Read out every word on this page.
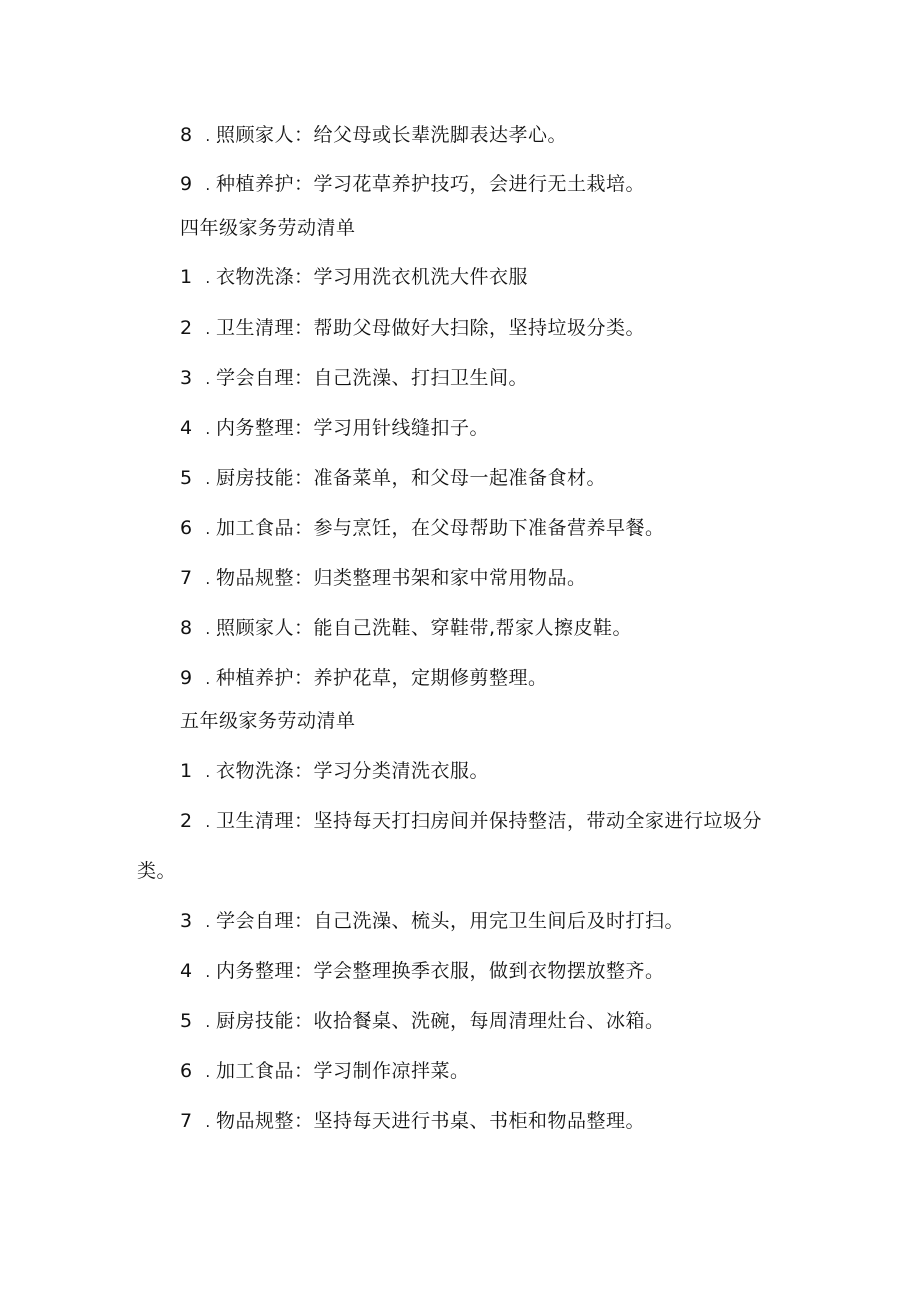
8 . 照顾家人：给父母或长辈洗脚表达孝心。
9 . 种植养护：学习花草养护技巧，会进行无土栽培。
四年级家务劳动清单
1 . 衣物洗涤：学习用洗衣机洗大件衣服
2 . 卫生清理：帮助父母做好大扫除，坚持垃圾分类。
3 . 学会自理：自己洗澡、打扫卫生间。
4 . 内务整理：学习用针线缝扣子。
5 . 厨房技能：准备菜单，和父母一起准备食材。
6 . 加工食品：参与烹饪，在父母帮助下准备营养早餐。
7 . 物品规整：归类整理书架和家中常用物品。
8 . 照顾家人：能自己洗鞋、穿鞋带,帮家人擦皮鞋。
9 . 种植养护：养护花草，定期修剪整理。
五年级家务劳动清单
1 . 衣物洗涤：学习分类清洗衣服。
2 . 卫生清理：坚持每天打扫房间并保持整洁，带动全家进行垃圾分
类。
3 . 学会自理：自己洗澡、梳头，用完卫生间后及时打扫。
4 . 内务整理：学会整理换季衣服，做到衣物摆放整齐。
5 . 厨房技能：收拾餐桌、洗碗，每周清理灶台、冰箱。
6 . 加工食品：学习制作凉拌菜。
7 . 物品规整：坚持每天进行书桌、书柜和物品整理。
